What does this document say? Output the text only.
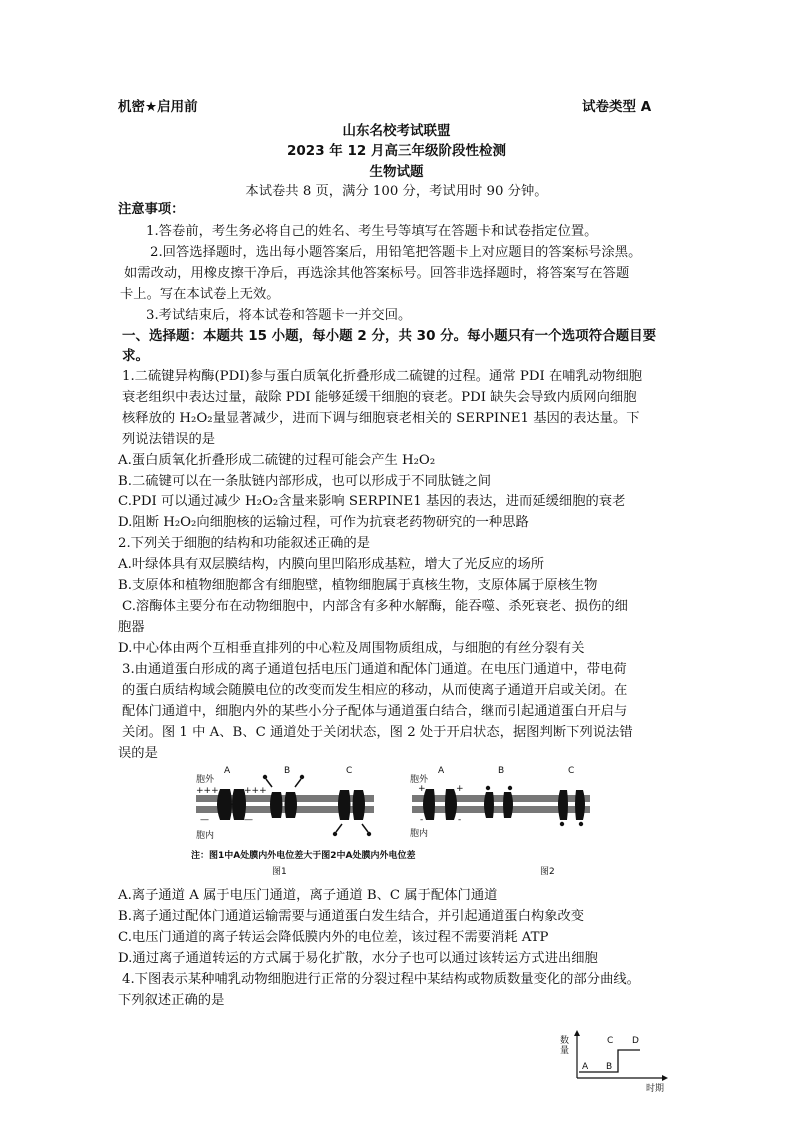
机密★启用前	试卷类型 A
山东名校考试联盟
2023 年 12 月高三年级阶段性检测
生物试题
本试卷共 8 页，满分 100 分，考试用时 90 分钟。
注意事项：
1.答卷前，考生务必将自己的姓名、考生号等填写在答题卡和试卷指定位置。
2.回答选择题时，选出每小题答案后，用铅笔把答题卡上对应题目的答案标号涂黑。
如需改动，用橡皮擦干净后，再选涂其他答案标号。回答非选择题时，将答案写在答题
卡上。写在本试卷上无效。
3.考试结束后，将本试卷和答题卡一并交回。
一、选择题：本题共 15 小题，每小题 2 分，共 30 分。每小题只有一个选项符合题目要
求。
1.二硫键异构酶(PDI)参与蛋白质氧化折叠形成二硫键的过程。通常 PDI 在哺乳动物细胞
衰老组织中表达过量，敲除 PDI 能够延缓干细胞的衰老。PDI 缺失会导致内质网向细胞
核释放的 H₂O₂量显著减少，进而下调与细胞衰老相关的 SERPINE1 基因的表达量。下
列说法错误的是
A.蛋白质氧化折叠形成二硫键的过程可能会产生 H₂O₂
B.二硫键可以在一条肽链内部形成，也可以形成于不同肽链之间
C.PDI 可以通过减少 H₂O₂含量来影响 SERPINE1 基因的表达，进而延缓细胞的衰老
D.阻断 H₂O₂向细胞核的运输过程，可作为抗衰老药物研究的一种思路
2.下列关于细胞的结构和功能叙述正确的是
A.叶绿体具有双层膜结构，内膜向里凹陷形成基粒，增大了光反应的场所
B.支原体和植物细胞都含有细胞壁，植物细胞属于真核生物，支原体属于原核生物
C.溶酶体主要分布在动物细胞中，内部含有多种水解酶，能吞噬、杀死衰老、损伤的细
胞器
D.中心体由两个互相垂直排列的中心粒及周围物质组成，与细胞的有丝分裂有关
3.由通道蛋白形成的离子通道包括电压门通道和配体门通道。在电压门通道中，带电荷
的蛋白质结构域会随膜电位的改变而发生相应的移动，从而使离子通道开启或关闭。在
配体门通道中，细胞内外的某些小分子配体与通道蛋白结合，继而引起通道蛋白开启与
关闭。图 1 中 A、B、C 通道处于关闭状态，图 2 处于开启状态，据图判断下列说法错
误的是
胞外
A	B	C
+++	+++
—	—
胞内
胞外
A	B	C
+	+
-	-
胞内
注：图1中A处膜内外电位差大于图2中A处膜内外电位差
图1	图2
A.离子通道 A 属于电压门通道，离子通道 B、C 属于配体门通道
B.离子通过配体门通道运输需要与通道蛋白发生结合，并引起通道蛋白构象改变
C.电压门通道的离子转运会降低膜内外的电位差，该过程不需要消耗 ATP
D.通过离子通道转运的方式属于易化扩散，水分子也可以通过该转运方式进出细胞
4.下图表示某种哺乳动物细胞进行正常的分裂过程中某结构或物质数量变化的部分曲线。
下列叙述正确的是
数量
时期
A B
C D
